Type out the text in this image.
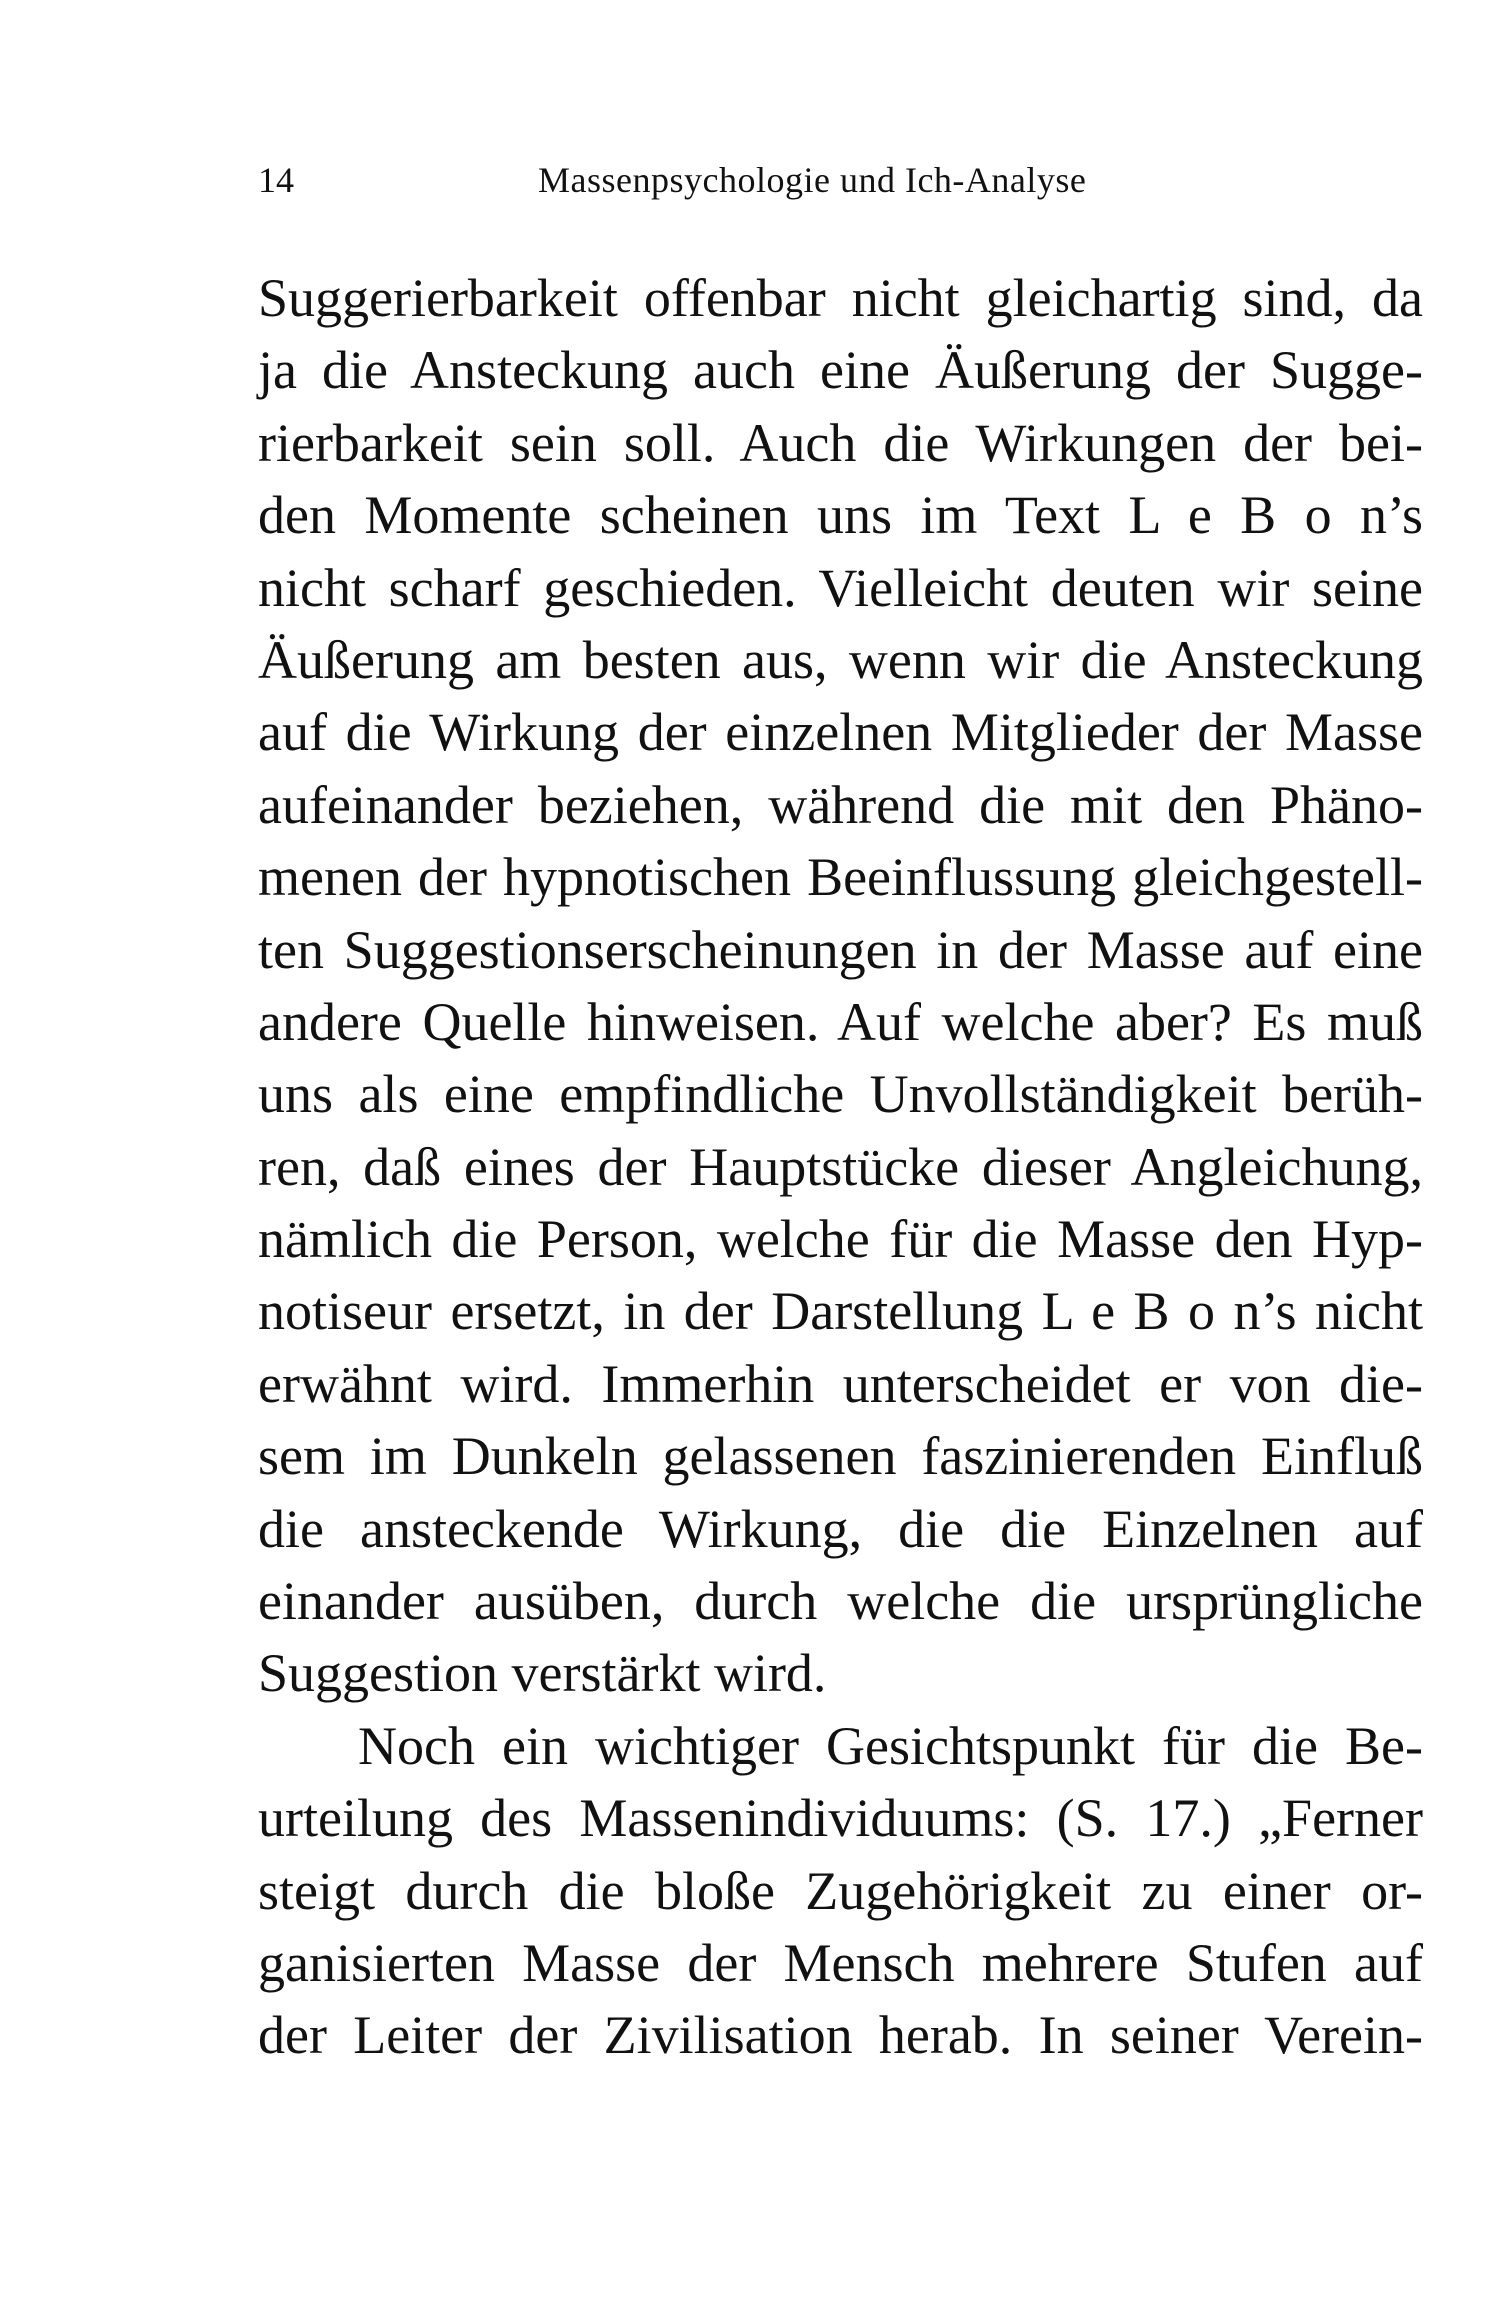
14	Massenpsychologie und Ich-Analyse
Suggerierbarkeit offenbar nicht gleichartig sind, da
ja die Ansteckung auch eine Äußerung der Sugge-
rierbarkeit sein soll. Auch die Wirkungen der bei-
den Momente scheinen uns im Text L e B o n’s
nicht scharf geschieden. Vielleicht deuten wir seine
Äußerung am besten aus, wenn wir die Ansteckung
auf die Wirkung der einzelnen Mitglieder der Masse
aufeinander beziehen, während die mit den Phäno-
menen der hypnotischen Beeinflussung gleichgestell-
ten Suggestionserscheinungen in der Masse auf eine
andere Quelle hinweisen. Auf welche aber? Es muß
uns als eine empfindliche Unvollständigkeit berüh-
ren, daß eines der Hauptstücke dieser Angleichung,
nämlich die Person, welche für die Masse den Hyp-
notiseur ersetzt, in der Darstellung L e B o n’s nicht
erwähnt wird. Immerhin unterscheidet er von die-
sem im Dunkeln gelassenen faszinierenden Einfluß
die ansteckende Wirkung, die die Einzelnen auf
einander ausüben, durch welche die ursprüngliche
Suggestion verstärkt wird.
Noch ein wichtiger Gesichtspunkt für die Be-
urteilung des Massenindividuums: (S. 17.) „Ferner
steigt durch die bloße Zugehörigkeit zu einer or-
ganisierten Masse der Mensch mehrere Stufen auf
der Leiter der Zivilisation herab. In seiner Verein-
